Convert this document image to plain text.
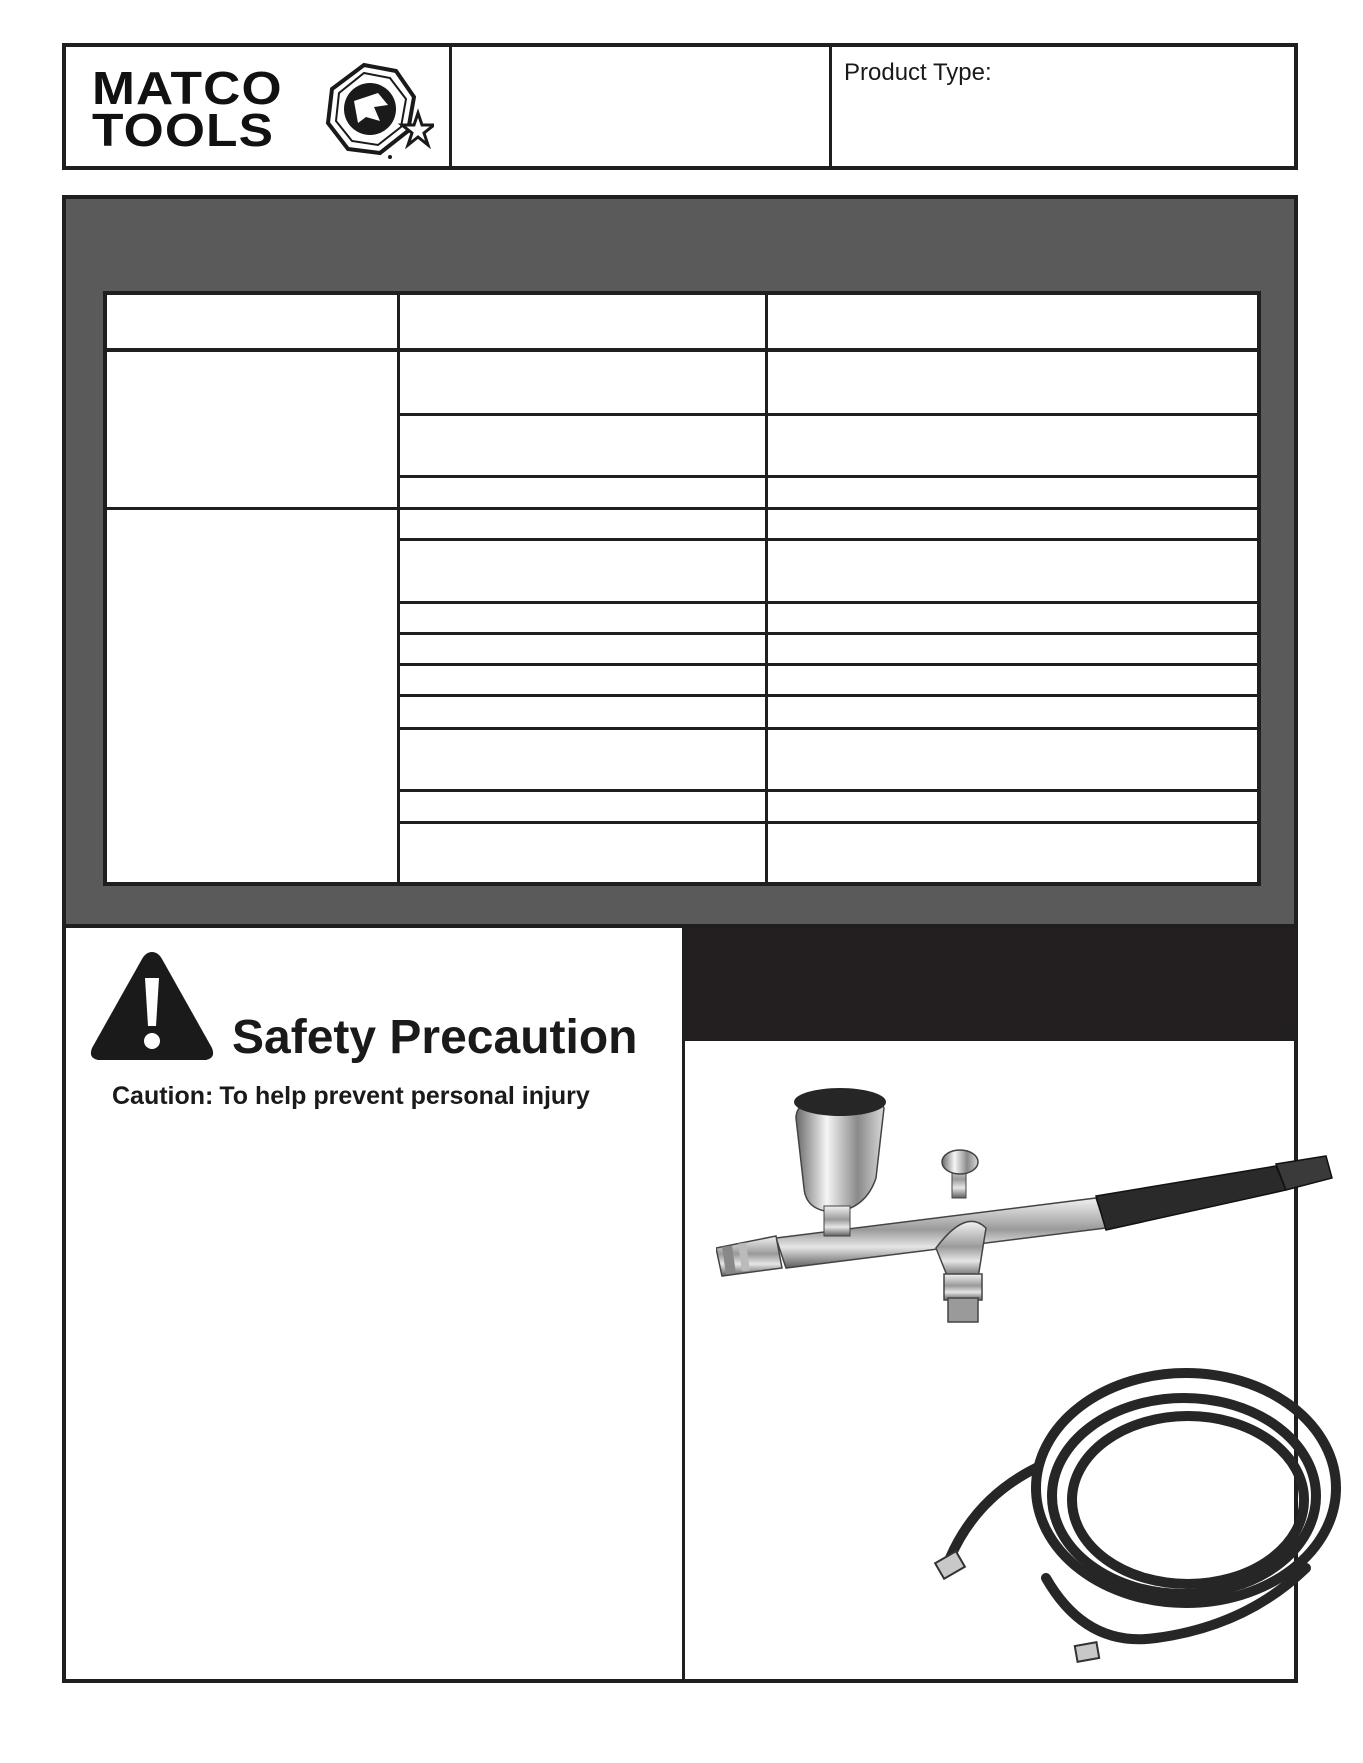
MATCO
TOOLS
Product Type:
Safety Precaution
Caution: To help prevent personal injury
